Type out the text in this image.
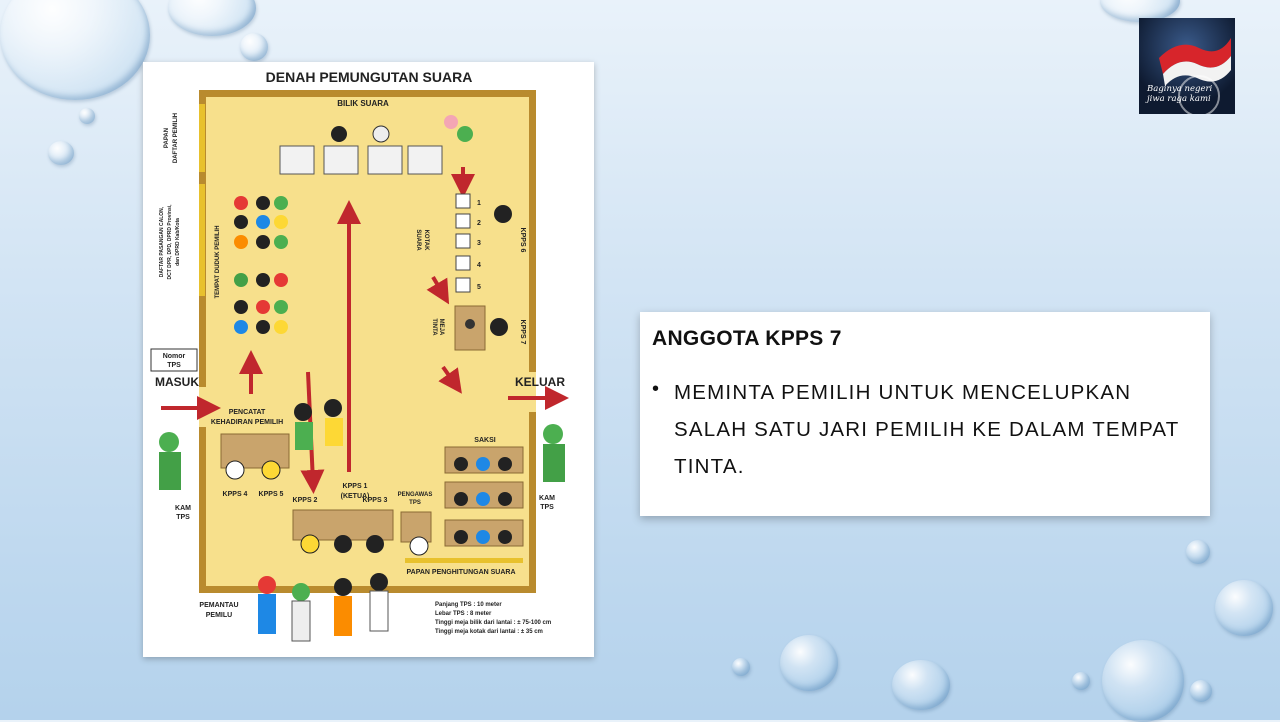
Baginya negeri
jiwa raga kami
DENAH PEMUNGUTAN SUARA
BILIK SUARA
PAPAN DAFTAR PEMILIH
DAFTAR PASANGAN CALON, DCT DPR, DPD, DPRD Provinsi, dan DPRD Kab/Kota	TEMPAT DUDUK PEMILIH
Nomor
TPS
MASUK	KELUAR
KOTAK
SUARA
1
2
3
4
5
KPPS 6
MEJA
TINTA	KPPS 7
SAKSI
PENCATAT
KEHADIRAN PEMILIH
KPPS 4 KPPS 5
KPPS 1
(KETUA)
KPPS 2	KPPS 3
PENGAWAS
TPS
PAPAN PENGHITUNGAN SUARA
KAM
TPS
KAM
TPS
PEMANTAU
PEMILU
Panjang TPS : 10 meter
Lebar TPS : 8 meter
Tinggi meja bilik dari lantai : ± 75-100 cm
Tinggi meja kotak dari lantai : ± 35 cm
ANGGOTA KPPS 7
• MEMINTA PEMILIH UNTUK MENCELUPKAN SALAH SATU JARI PEMILIH KE DALAM TEMPAT TINTA.
